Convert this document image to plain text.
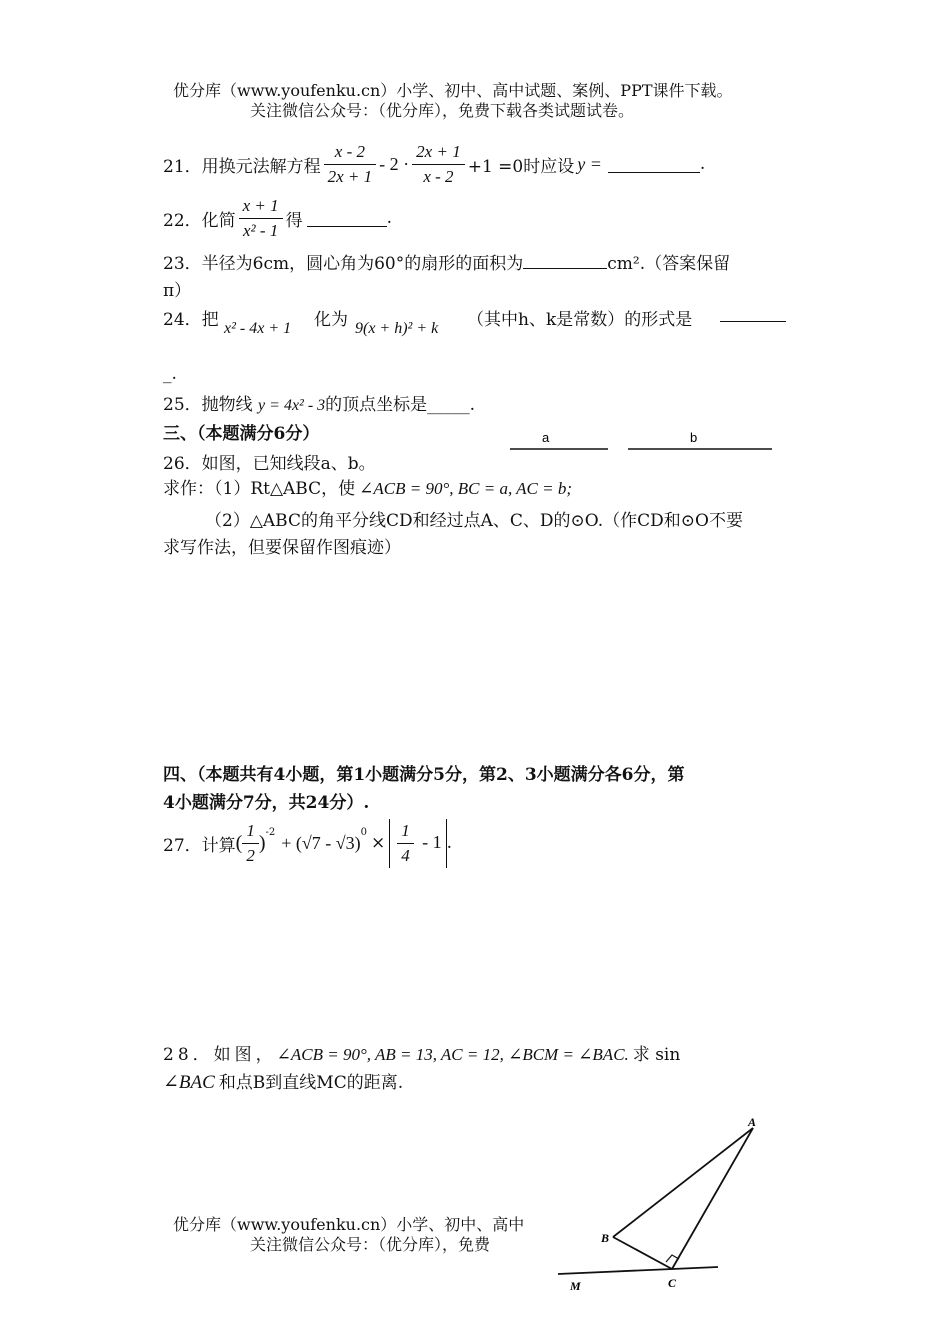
优分库（www.youfenku.cn）小学、初中、高中试题、案例、PPT课件下载。
关注微信公众号：（优分库），免费下载各类试题试卷。
21．用换元法解方程 $\frac{x - 2}{2x + 1} - 2 \cdot \frac{2x + 1}{x - 2} +1 =0$时应设 y =	.
22．化简 $\frac{x + 1}{\text{x² - 1}}$ 得	.
23．半径为6cm，圆心角为60°的扇形的面积为	cm².（答案保留
π）
24．把 x² - 4x + 1 化为 9(x + h)² + k （其中h、k是常数）的形式是
_.
25．抛物线 y = 4x² - 3的顶点坐标是_____.
三、（本题满分6分）	a	b
26．如图，已知线段a、b。
求作：（1）Rt△ABC，使 ∠ACB = 90°, BC = a, AC = b;
（2）△ABC的角平分线CD和经过点A、C、D的⊙O.（作CD和⊙O不要
求写作法，但要保留作图痕迹）
四、（本题共有4小题，第1小题满分5分，第2、3小题满分各6分，第
4小题满分7分，共24分）.
27．计算 ( $\frac{1}{2} )^{-2} + (√7 - √3)^0$
× $\frac{1}{4} - 1$ .
28．如图，∠ACB = 90°, AB = 13, AC = 12, ∠BCM = ∠BAC. 求 sin
∠BAC 和点B到直线MC的距离.
优分库（www.youfenku.cn）小学、初中、高中
关注微信公众号：（优分库），免费
A
B
C
M
